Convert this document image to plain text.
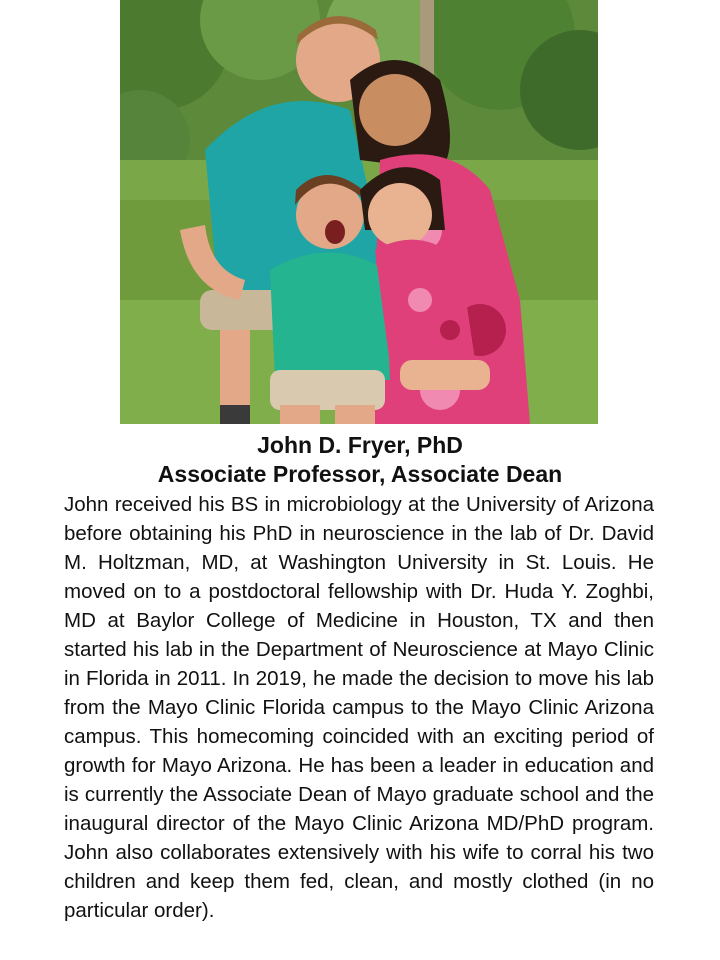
John D. Fryer, PhD
Associate Professor, Associate Dean

John received his BS in microbiology at the University of Arizona before obtaining his PhD in neuroscience in the lab of Dr. David M. Holtzman, MD, at Washington University in St. Louis. He moved on to a postdoctoral fellowship with Dr. Huda Y. Zoghbi, MD at Baylor College of Medicine in Houston, TX and then started his lab in the Department of Neuroscience at Mayo Clinic in Florida in 2011. In 2019, he made the decision to move his lab from the Mayo Clinic Florida campus to the Mayo Clinic Arizona campus. This homecoming coincided with an exciting period of growth for Mayo Arizona. He has been a leader in education and is currently the Associate Dean of Mayo graduate school and the inaugural director of the Mayo Clinic Arizona MD/PhD program. John also collaborates extensively with his wife to corral his two children and keep them fed, clean, and mostly clothed (in no particular order).
